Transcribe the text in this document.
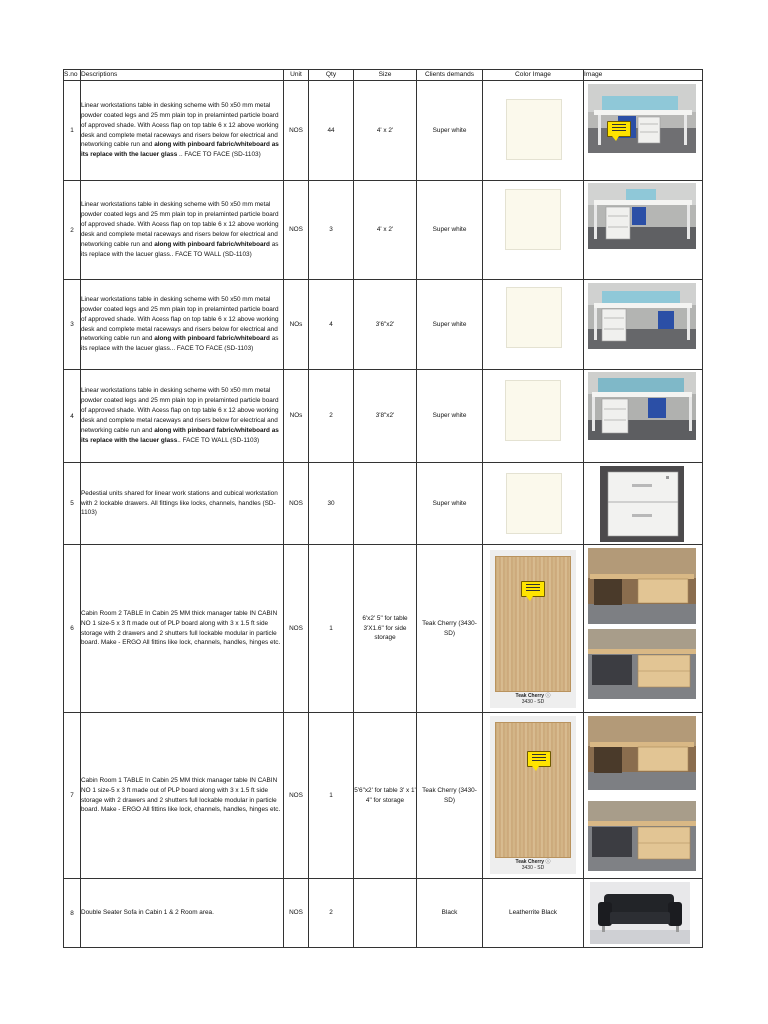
S.no	Descriptions	Unit	Qty	Size	Clients demands	Color Image	Image
1	Linear workstations table in desking scheme with 50 x50 mm metal powder coated legs and 25 mm plain top in prelaminted particle board of approved shade. With Acess flap on top table 6 x 12 above working desk and complete metal raceways and risers below for electrical and networking cable run and along with pinboard fabric/whiteboard as its replace with the lacuer glass .. FACE TO FACE (SD-1103)	NOS	44	4' x 2'	Super white	

2	Linear workstations table in desking scheme with 50 x50 mm metal powder coated legs and 25 mm plain top in prelaminted particle board of approved shade. With Acess flap on top table 6 x 12 above working desk and complete metal raceways and risers below for electrical and networking cable run and along with pinboard fabric/whiteboard as its replace with the lacuer glass.. FACE TO WALL (SD-1103)	NOS	3	4' x 2'	Super white	

3	Linear workstations table in desking scheme with 50 x50 mm metal powder coated legs and 25 mm plain top in prelaminted particle board of approved shade. With Acess flap on top table 6 x 12 above working desk and complete metal raceways and risers below for electrical and networking cable run and along with pinboard fabric/whiteboard as its replace with the lacuer glass... FACE TO FACE (SD-1103)	NOs	4	3'6"x2'	Super white	

4	Linear workstations table in desking scheme with 50 x50 mm metal powder coated legs and 25 mm plain top in prelaminted particle board of approved shade. With Acess flap on top table 6 x 12 above working desk and complete metal raceways and risers below for electrical and networking cable run and along with pinboard fabric/whiteboard as its replace with the lacuer glass.. FACE TO WALL (SD-1103)	NOs	2	3'8"x2'	Super white	

5	Pedestial units shared for linear work stations and cubical workstation with 2 lockable drawers. All fittings like locks, channels, handles (SD-1103)	NOS	30		Super white	

6	Cabin Room 2 TABLE In Cabin 25 MM thick manager table IN CABIN NO 1 size-5 x 3 ft made out of PLP board along with 3 x 1.5 ft side storage with 2 drawers and 2 shutters full lockable modular in particle board. Make - ERGO All fittins like lock, channels, handles, hinges etc.	NOS	1	6'x2' 5" for table 3'X1.6" for side storage	Teak Cherry (3430-SD)	Teak Cherry ⓘ
3430 - SD

7	Cabin Room 1 TABLE In Cabin 25 MM thick manager table IN CABIN NO 1 size-5 x 3 ft made out of PLP board along with 3 x 1.5 ft side storage with 2 drawers and 2 shutters full lockable modular in particle board. Make - ERGO All fittins like lock, channels, handles, hinges etc.	NOS	1	5'6"x2' for table 3' x 1' 4" for storage	Teak Cherry (3430-SD)	Teak Cherry ⓘ
3430 - SD

8	Double Seater Sofa in Cabin 1 & 2 Room area.	NOS	2		Black	Leatherrite Black	
